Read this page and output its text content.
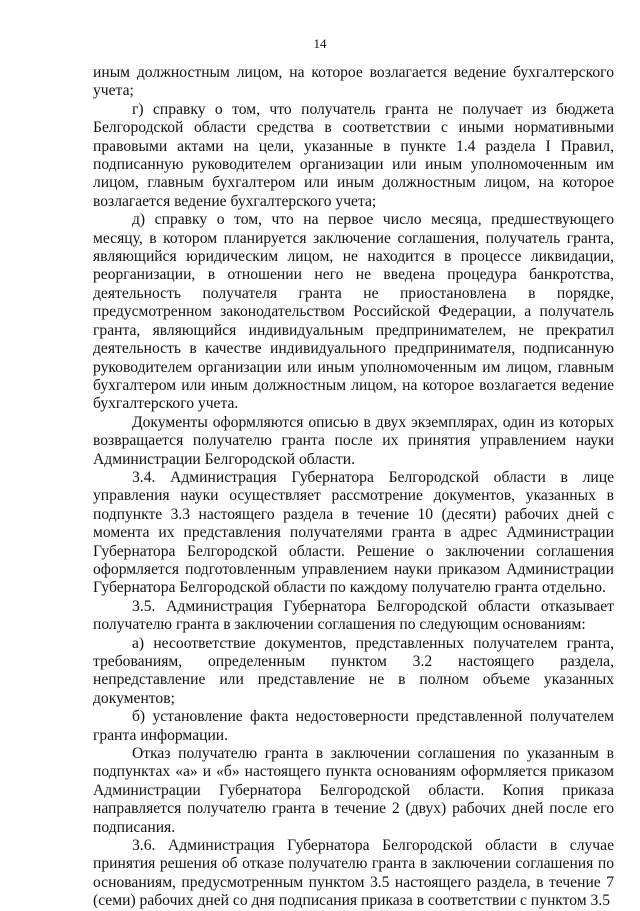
14

иным должностным лицом, на которое возлагается ведение бухгалтерского учета;

г) справку о том, что получатель гранта не получает из бюджета Белгородской области средства в соответствии с иными нормативными правовыми актами на цели, указанные в пункте 1.4 раздела I Правил, подписанную руководителем организации или иным уполномоченным им лицом, главным бухгалтером или иным должностным лицом, на которое возлагается ведение бухгалтерского учета;

д) справку о том, что на первое число месяца, предшествующего месяцу, в котором планируется заключение соглашения, получатель гранта, являющийся юридическим лицом, не находится в процессе ликвидации, реорганизации, в отношении него не введена процедура банкротства, деятельность получателя гранта не приостановлена в порядке, предусмотренном законодательством Российской Федерации, а получатель гранта, являющийся индивидуальным предпринимателем, не прекратил деятельность в качестве индивидуального предпринимателя, подписанную руководителем организации или иным уполномоченным им лицом, главным бухгалтером или иным должностным лицом, на которое возлагается ведение бухгалтерского учета.

Документы оформляются описью в двух экземплярах, один из которых возвращается получателю гранта после их принятия управлением науки Администрации Белгородской области.

3.4. Администрация Губернатора Белгородской области в лице управления науки осуществляет рассмотрение документов, указанных в подпункте 3.3 настоящего раздела в течение 10 (десяти) рабочих дней с момента их представления получателями гранта в адрес Администрации Губернатора Белгородской области. Решение о заключении соглашения оформляется подготовленным управлением науки приказом Администрации Губернатора Белгородской области по каждому получателю гранта отдельно.

3.5. Администрация Губернатора Белгородской области отказывает получателю гранта в заключении соглашения по следующим основаниям:

а) несоответствие документов, представленных получателем гранта, требованиям, определенным пунктом 3.2 настоящего раздела, непредставление или представление не в полном объеме указанных документов;

б) установление факта недостоверности представленной получателем гранта информации.

Отказ получателю гранта в заключении соглашения по указанным в подпунктах «а» и «б» настоящего пункта основаниям оформляется приказом Администрации Губернатора Белгородской области. Копия приказа направляется получателю гранта в течение 2 (двух) рабочих дней после его подписания.

3.6. Администрация Губернатора Белгородской области в случае принятия решения об отказе получателю гранта в заключении соглашения по основаниям, предусмотренным пунктом 3.5 настоящего раздела, в течение 7 (семи) рабочих дней со дня подписания приказа в соответствии с пунктом 3.5
